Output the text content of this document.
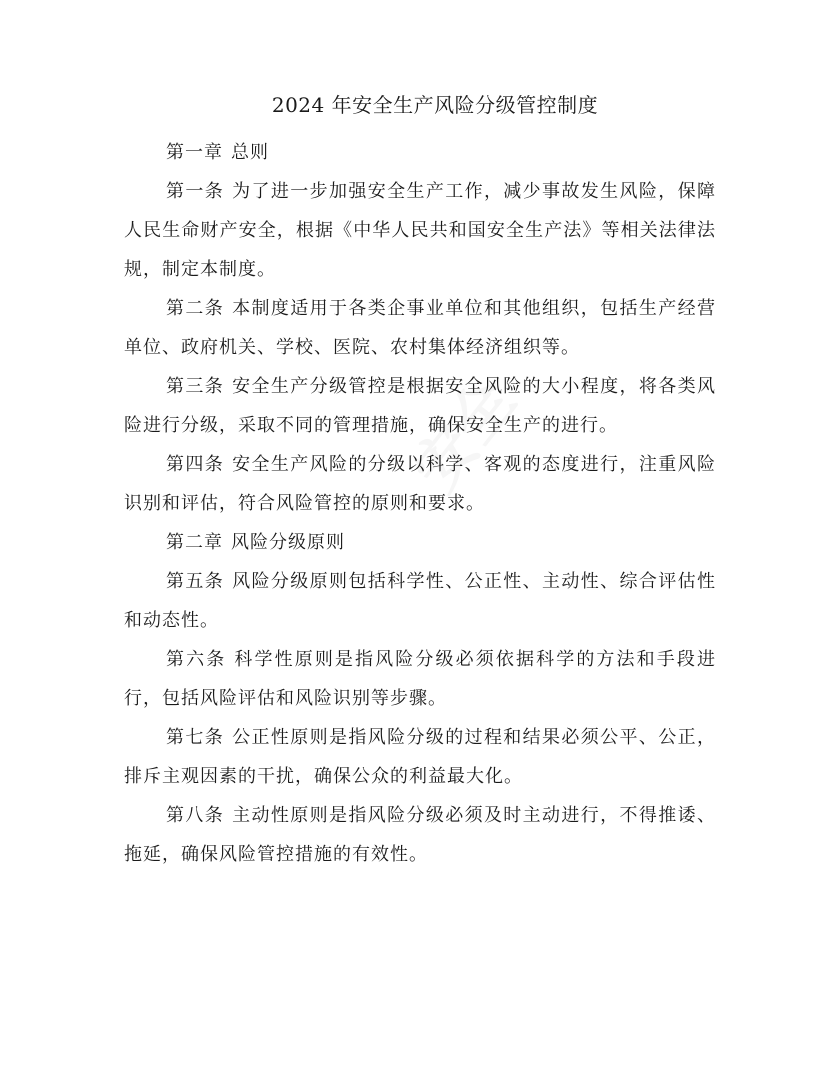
安全
2024 年安全生产风险分级管控制度

第一章 总则

第一条 为了进一步加强安全生产工作，减少事故发生风险，保障人民生命财产安全，根据《中华人民共和国安全生产法》等相关法律法规，制定本制度。

第二条 本制度适用于各类企事业单位和其他组织，包括生产经营单位、政府机关、学校、医院、农村集体经济组织等。

第三条 安全生产分级管控是根据安全风险的大小程度，将各类风险进行分级，采取不同的管理措施，确保安全生产的进行。

第四条 安全生产风险的分级以科学、客观的态度进行，注重风险识别和评估，符合风险管控的原则和要求。

第二章 风险分级原则

第五条 风险分级原则包括科学性、公正性、主动性、综合评估性和动态性。

第六条 科学性原则是指风险分级必须依据科学的方法和手段进行，包括风险评估和风险识别等步骤。

第七条 公正性原则是指风险分级的过程和结果必须公平、公正， 排斥主观因素的干扰，确保公众的利益最大化。

第八条 主动性原则是指风险分级必须及时主动进行，不得推诿、拖延，确保风险管控措施的有效性。
